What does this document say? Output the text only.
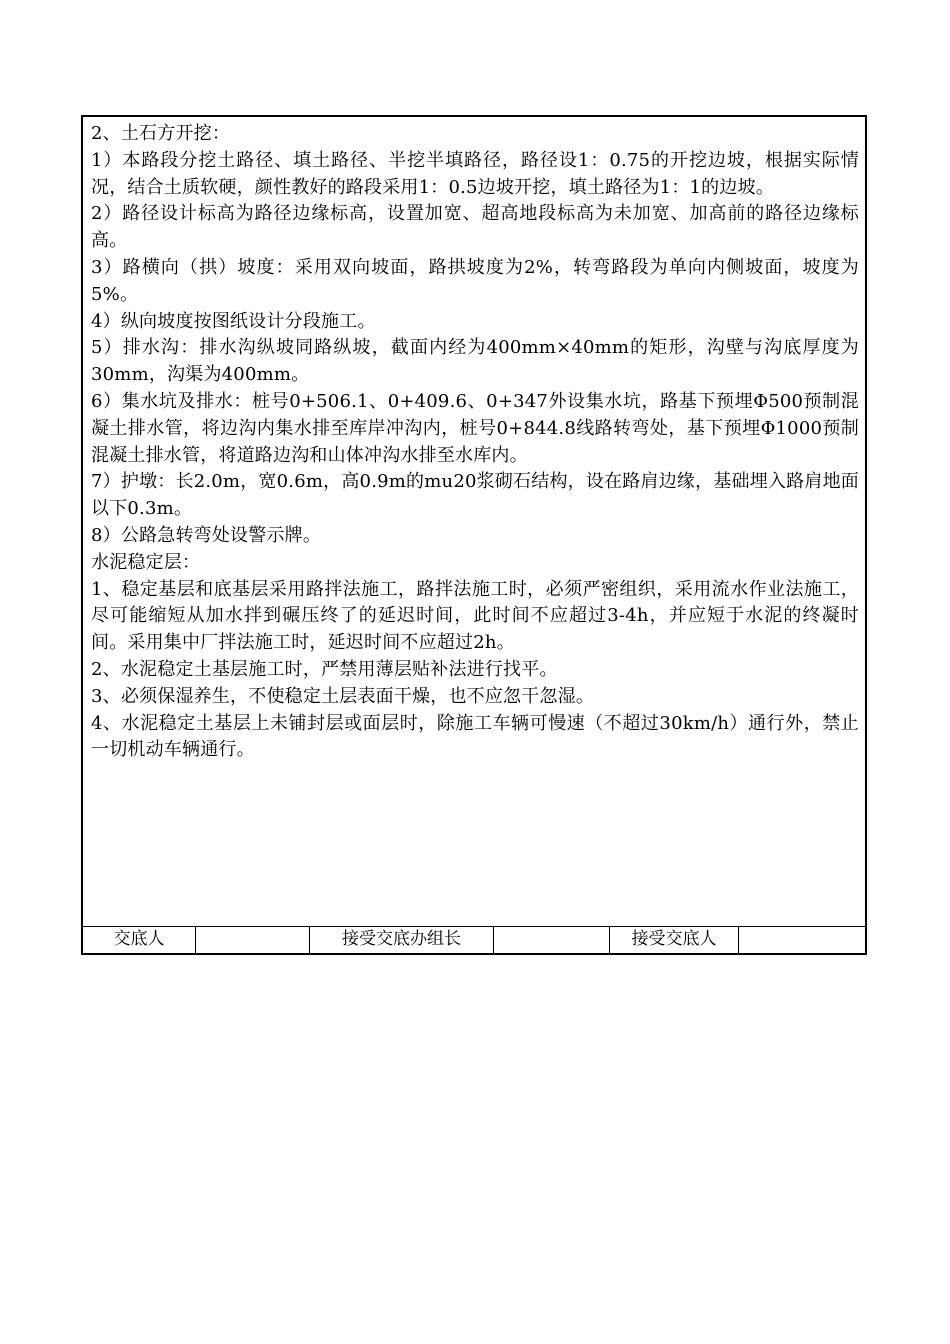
2、土石方开挖：

1）本路段分挖土路径、填土路径、半挖半填路径，路径设1：0.75的开挖边坡，根据实际情况，结合土质软硬，颜性教好的路段采用1：0.5边坡开挖，填土路径为1：1的边坡。

2）路径设计标高为路径边缘标高，设置加宽、超高地段标高为未加宽、加高前的路径边缘标高。

3）路横向（拱）坡度：采用双向坡面，路拱坡度为2%，转弯路段为单向内侧坡面，坡度为5%。

4）纵向坡度按图纸设计分段施工。

5）排水沟：排水沟纵坡同路纵坡，截面内经为400mm×40mm的矩形，沟壁与沟底厚度为30mm，沟渠为400mm。

6）集水坑及排水：桩号0+506.1、0+409.6、0+347外设集水坑，路基下预埋Φ500预制混凝土排水管，将边沟内集水排至库岸冲沟内，桩号0+844.8线路转弯处，基下预埋Φ1000预制混凝土排水管，将道路边沟和山体冲沟水排至水库内。

7）护墩：长2.0m，宽0.6m，高0.9m的mu20浆砌石结构，设在路肩边缘，基础埋入路肩地面以下0.3m。

8）公路急转弯处设警示牌。

水泥稳定层：

1、稳定基层和底基层采用路拌法施工，路拌法施工时，必须严密组织，采用流水作业法施工，尽可能缩短从加水拌到碾压终了的延迟时间，此时间不应超过3-4h，并应短于水泥的终凝时间。采用集中厂拌法施工时，延迟时间不应超过2h。

2、水泥稳定土基层施工时，严禁用薄层贴补法进行找平。

3、必须保湿养生，不使稳定土层表面干燥，也不应忽干忽湿。

4、水泥稳定土基层上未铺封层或面层时，除施工车辆可慢速（不超过30km/h）通行外，禁止一切机动车辆通行。

交底人	接受交底办组长	接受交底人
